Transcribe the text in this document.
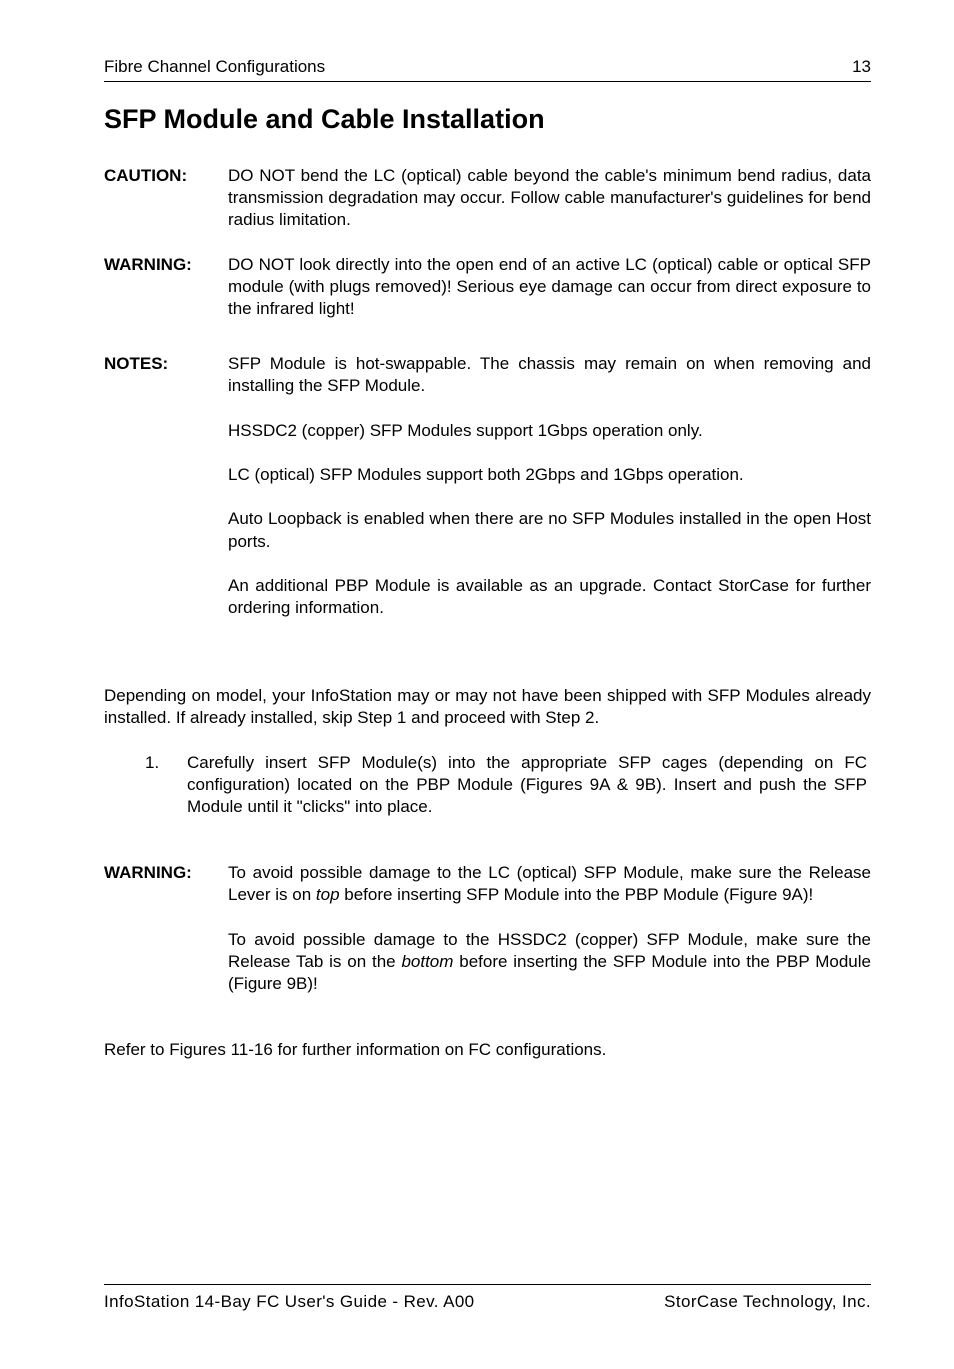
Fibre Channel Configurations	13
SFP Module and Cable Installation
CAUTION: DO NOT bend the LC (optical) cable beyond the cable's minimum bend radius, data transmission degradation may occur. Follow cable manufacturer's guidelines for bend radius limitation.

WARNING: DO NOT look directly into the open end of an active LC (optical) cable or optical SFP module (with plugs removed)! Serious eye damage can occur from direct exposure to the infrared light!

NOTES:	SFP Module is hot-swappable. The chassis may remain on when removing and installing the SFP Module.

HSSDC2 (copper) SFP Modules support 1Gbps operation only.

LC (optical) SFP Modules support both 2Gbps and 1Gbps operation.

Auto Loopback is enabled when there are no SFP Modules installed in the open Host ports.

An additional PBP Module is available as an upgrade. Contact StorCase for further ordering information.

Depending on model, your InfoStation may or may not have been shipped with SFP Modules already installed. If already installed, skip Step 1 and proceed with Step 2.

1. Carefully insert SFP Module(s) into the appropriate SFP cages (depending on FC configuration) located on the PBP Module (Figures 9A & 9B). Insert and push the SFP Module until it "clicks" into place.

WARNING: To avoid possible damage to the LC (optical) SFP Module, make sure the Release Lever is on top before inserting SFP Module into the PBP Module (Figure 9A)!

To avoid possible damage to the HSSDC2 (copper) SFP Module, make sure the Release Tab is on the bottom before inserting the SFP Module into the PBP Module (Figure 9B)!

Refer to Figures 11-16 for further information on FC configurations.

InfoStation 14-Bay FC User's Guide - Rev. A00	StorCase Technology, Inc.
